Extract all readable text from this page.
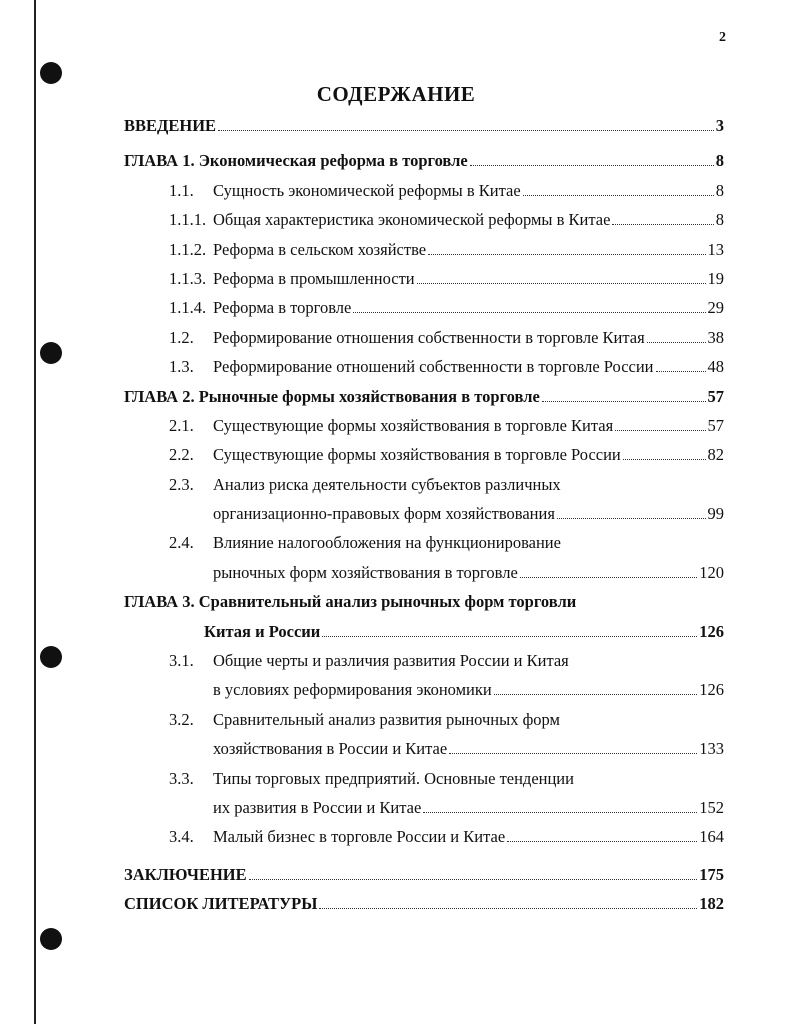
2
СОДЕРЖАНИЕ
ВВЕДЕНИЕ	3
ГЛАВА 1. Экономическая реформа в торговле	8
1.1.	Сущность экономической реформы в Китае	8
1.1.1. Общая характеристика экономической реформы в Китае	8
1.1.2. Реформа в сельском хозяйстве	13
1.1.3. Реформа в промышленности	19
1.1.4. Реформа в торговле	29
1.2.	Реформирование отношения собственности в торговле Китая	38
1.3.	Реформирование отношений собственности в торговле России	48
ГЛАВА 2. Рыночные формы хозяйствования в торговле	57
2.1.	Существующие формы хозяйствования в торговле Китая	57
2.2.	Существующие формы хозяйствования в торговле России	82
2.3.	Анализ риска деятельности субъектов различных
организационно-правовых форм хозяйствования	99
2.4.	Влияние налогообложения на функционирование
рыночных форм хозяйствования в торговле	120
ГЛАВА 3. Сравнительный анализ рыночных форм торговли
Китая и России	126
3.1.	Общие черты и различия развития России и Китая
в условиях реформирования экономики	126
3.2.	Сравнительный анализ развития рыночных форм
хозяйствования в России и Китае	133
3.3.	Типы торговых предприятий. Основные тенденции
их развития в России и Китае	152
3.4.	Малый бизнес в торговле России и Китае	164
ЗАКЛЮЧЕНИЕ	175
СПИСОК ЛИТЕРАТУРЫ	182
